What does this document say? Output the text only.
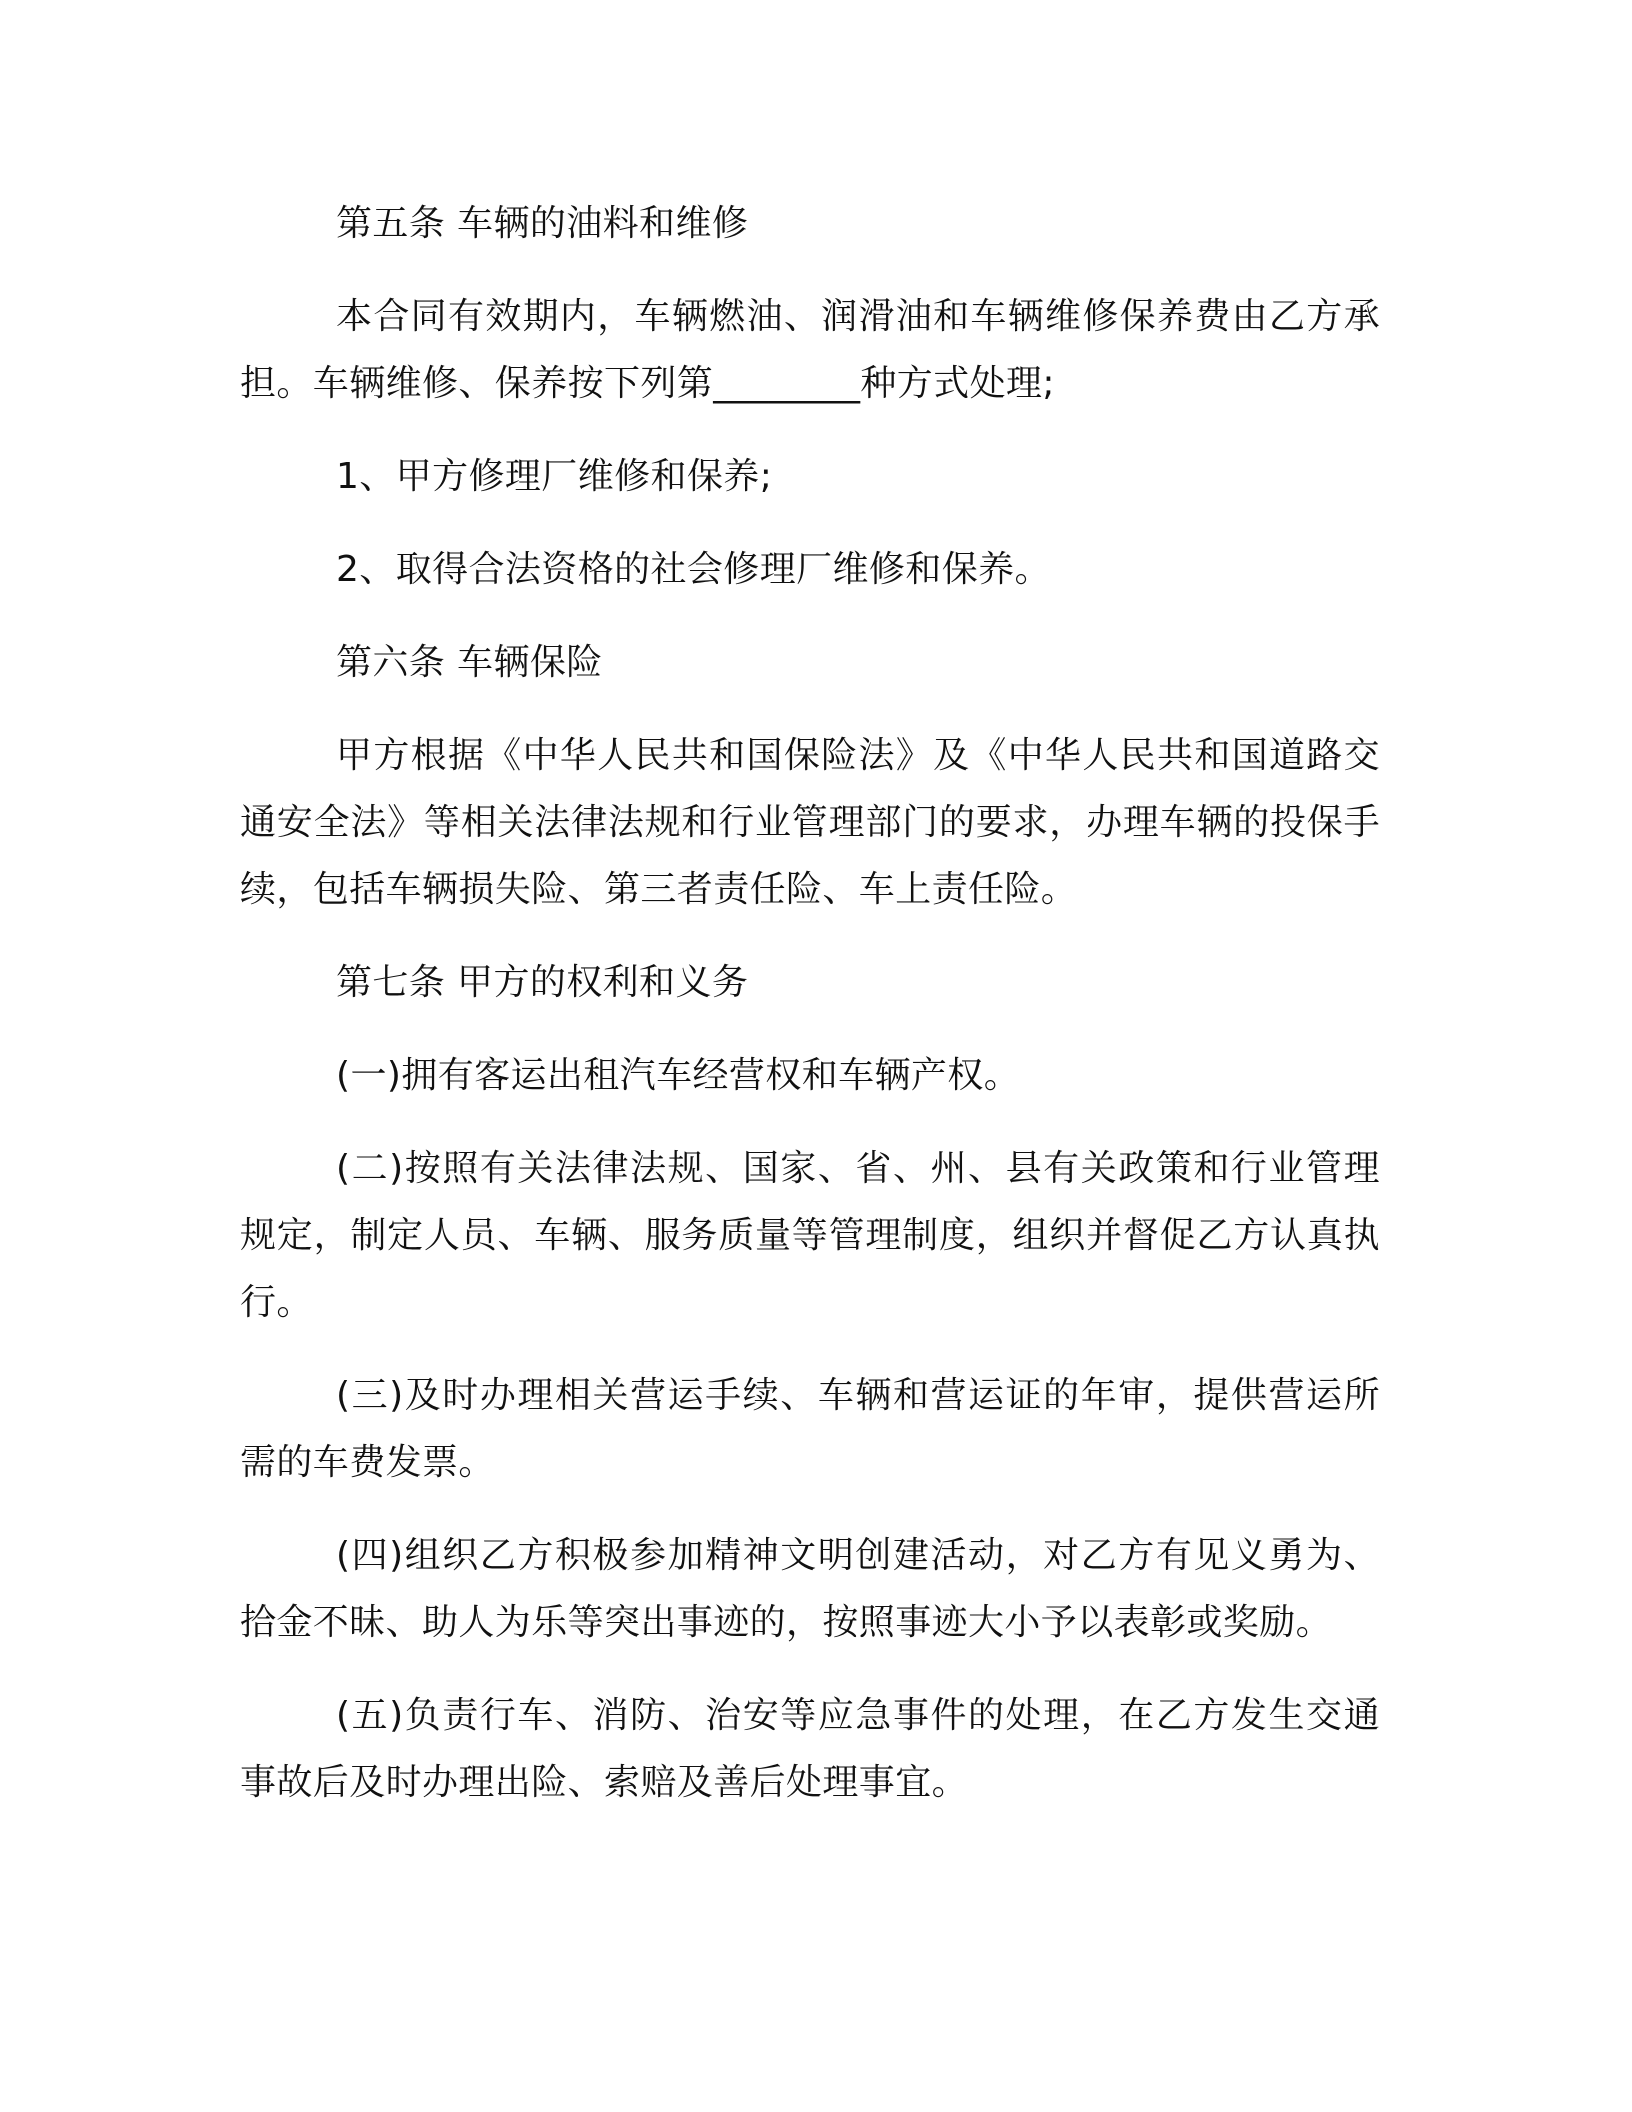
第五条 车辆的油料和维修

本合同有效期内，车辆燃油、润滑油和车辆维修保养费由乙方承担。车辆维修、保养按下列第________种方式处理;

1、甲方修理厂维修和保养;

2、取得合法资格的社会修理厂维修和保养。

第六条 车辆保险

甲方根据《中华人民共和国保险法》及《中华人民共和国道路交通安全法》等相关法律法规和行业管理部门的要求，办理车辆的投保手续，包括车辆损失险、第三者责任险、车上责任险。

第七条 甲方的权利和义务

(一)拥有客运出租汽车经营权和车辆产权。

(二)按照有关法律法规、国家、省、州、县有关政策和行业管理规定，制定人员、车辆、服务质量等管理制度，组织并督促乙方认真执行。

(三)及时办理相关营运手续、车辆和营运证的年审，提供营运所需的车费发票。

(四)组织乙方积极参加精神文明创建活动，对乙方有见义勇为、拾金不昧、助人为乐等突出事迹的，按照事迹大小予以表彰或奖励。

(五)负责行车、消防、治安等应急事件的处理，在乙方发生交通事故后及时办理出险、索赔及善后处理事宜。
